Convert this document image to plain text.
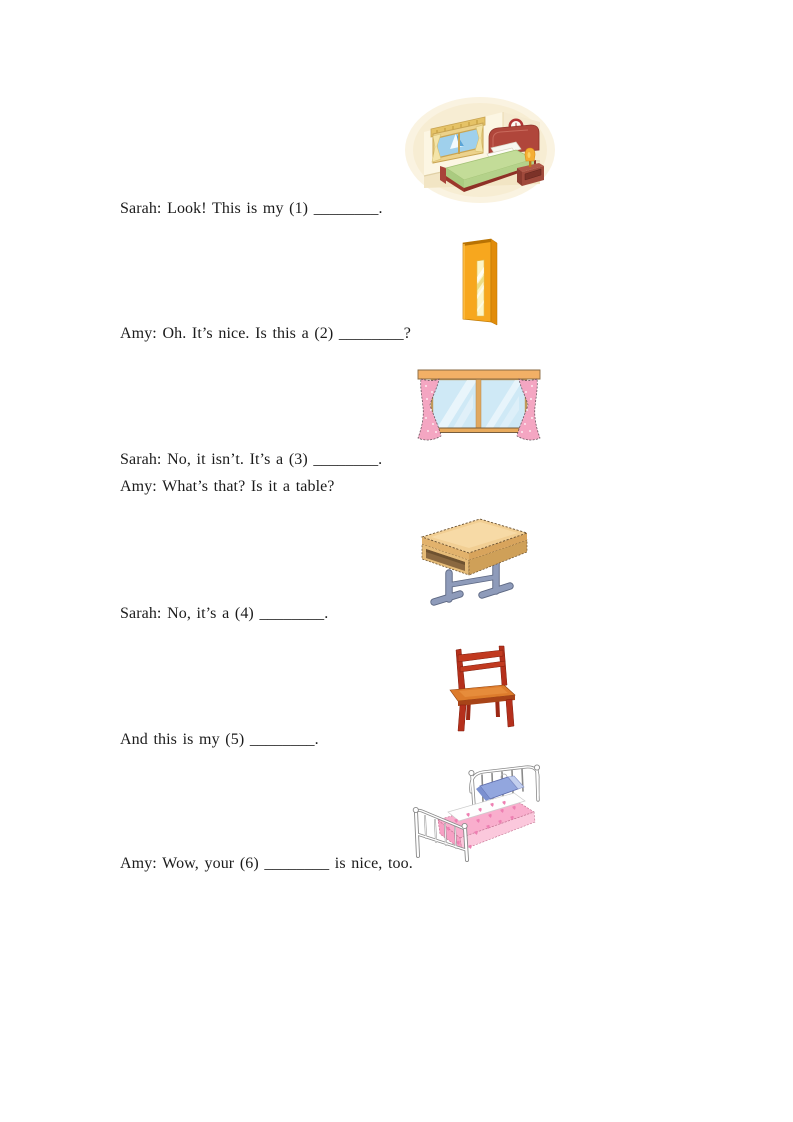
Sarah: Look! This is my (1) ________.
Amy: Oh. It’s nice. Is this a (2) ________?
Sarah: No, it isn’t. It’s a (3) ________.
Amy: What’s that? Is it a table?
Sarah: No, it’s a (4) ________.
And this is my (5) ________.
Amy: Wow, your (6) ________ is nice, too.
